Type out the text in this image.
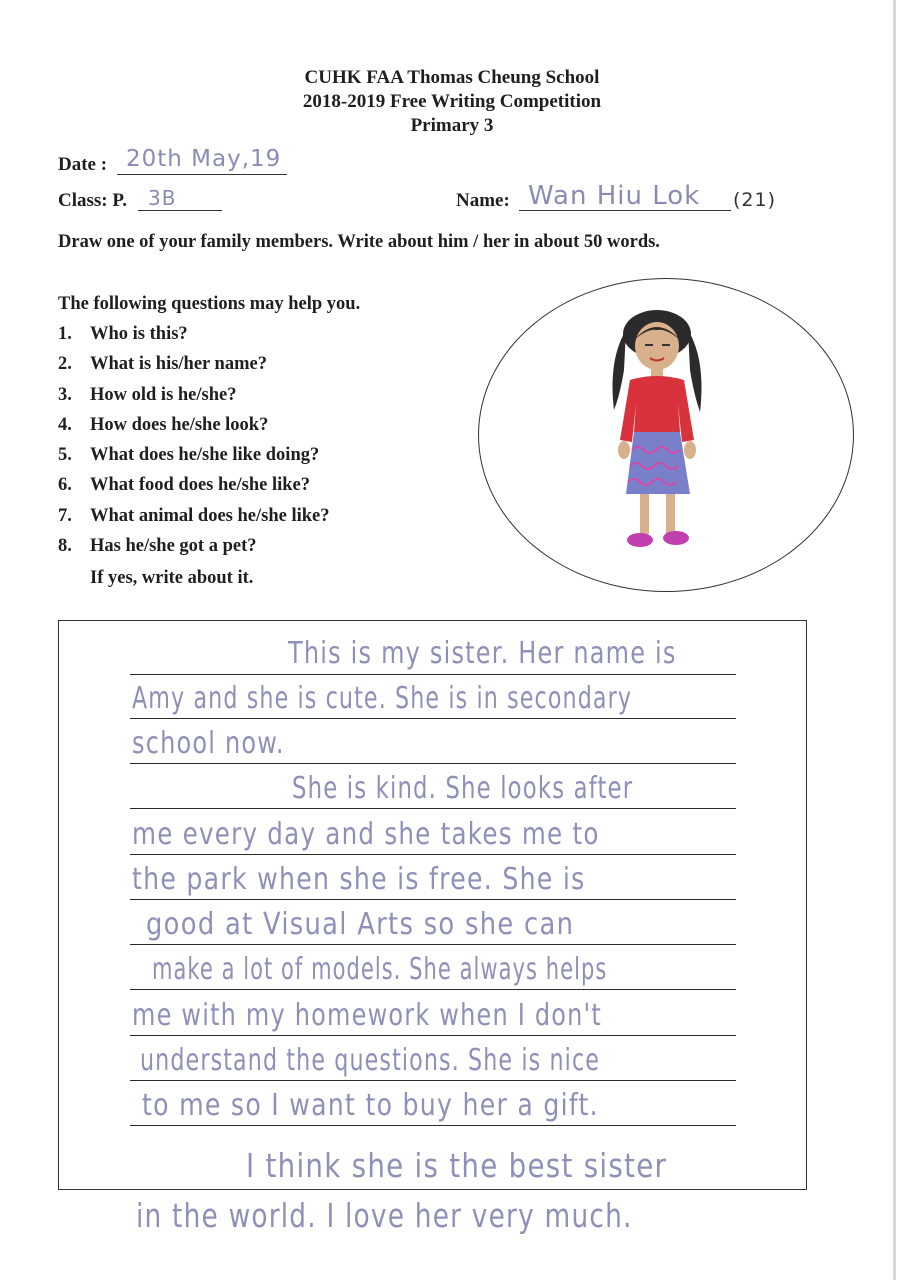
CUHK FAA Thomas Cheung School
2018-2019 Free Writing Competition
Primary 3
Date : 20th May,19
Class: P. 3B	Name: Wan Hiu Lok (21)
Draw one of your family members. Write about him / her in about 50 words.
The following questions may help you.
1. Who is this?
2. What is his/her name?
3. How old is he/she?
4. How does he/she look?
5. What does he/she like doing?
6. What food does he/she like?
7. What animal does he/she like?
8. Has he/she got a pet?
If yes, write about it.
This is my sister. Her name is
Amy and she is cute. She is in secondary
school now.
She is kind. She looks after
me every day and she takes me to
the park when she is free. She is
good at Visual Arts so she can
make a lot of models. She always helps
me with my homework when I don't
understand the questions. She is nice
to me so I want to buy her a gift.
I think she is the best sister
in the world. I love her very much.
